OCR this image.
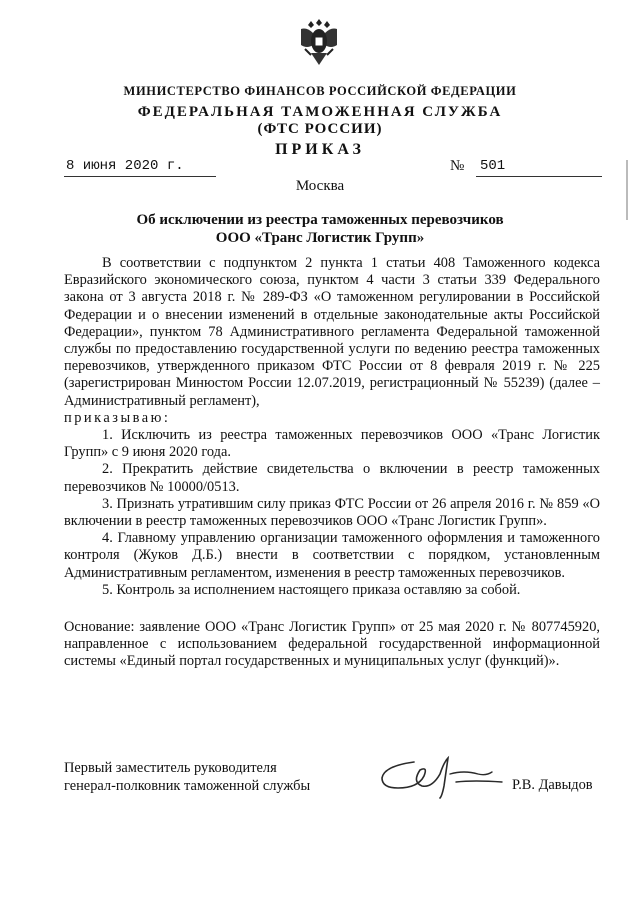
МИНИСТЕРСТВО ФИНАНСОВ РОССИЙСКОЙ ФЕДЕРАЦИИ
ФЕДЕРАЛЬНАЯ ТАМОЖЕННАЯ СЛУЖБА
(ФТС РОССИИ)
ПРИКАЗ
8 июня 2020 г.	№ 501
Москва
Об исключении из реестра таможенных перевозчиков
ООО «Транс Логистик Групп»

В соответствии с подпунктом 2 пункта 1 статьи 408 Таможенного кодекса Евразийского экономического союза, пунктом 4 части 3 статьи 339 Федерального закона от 3 августа 2018 г. № 289-ФЗ «О таможенном регулировании в Российской Федерации и о внесении изменений в отдельные законодательные акты Российской Федерации», пунктом 78 Административного регламента Федеральной таможенной службы по предоставлению государственной услуги по ведению реестра таможенных перевозчиков, утвержденного приказом ФТС России от 8 февраля 2019 г. № 225 (зарегистрирован Минюстом России 12.07.2019, регистрационный № 55239) (далее – Административный регламент),
приказываю:

1. Исключить из реестра таможенных перевозчиков ООО «Транс Логистик Групп» с 9 июня 2020 года.

2. Прекратить действие свидетельства о включении в реестр таможенных перевозчиков № 10000/0513.

3. Признать утратившим силу приказ ФТС России от 26 апреля 2016 г. № 859 «О включении в реестр таможенных перевозчиков ООО «Транс Логистик Групп».

4. Главному управлению организации таможенного оформления и таможенного контроля (Жуков Д.Б.) внести в соответствии с порядком, установленным Административным регламентом, изменения в реестр таможенных перевозчиков.

5. Контроль за исполнением настоящего приказа оставляю за собой.

Основание: заявление ООО «Транс Логистик Групп» от 25 мая 2020 г. № 807745920, направленное с использованием федеральной государственной информационной системы «Единый портал государственных и муниципальных услуг (функций)».

Первый заместитель руководителя
генерал-полковник таможенной службы	Р.В. Давыдов
